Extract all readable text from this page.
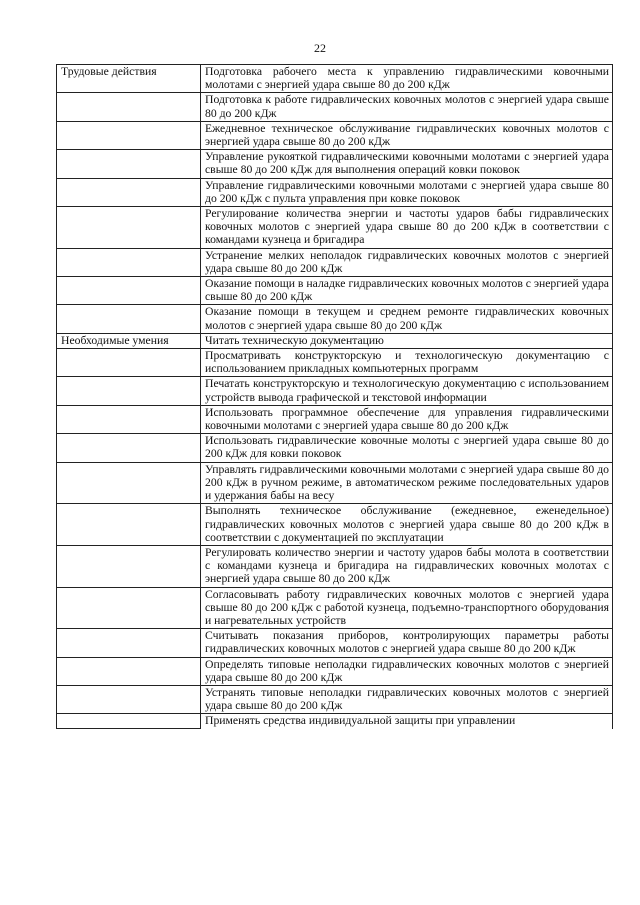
22
Трудовые действия	Подготовка рабочего места к управлению гидравлическими ковочными молотами с энергией удара свыше 80 до 200 кДж
	Подготовка к работе гидравлических ковочных молотов с энергией удара свыше 80 до 200 кДж
	Ежедневное техническое обслуживание гидравлических ковочных молотов с энергией удара свыше 80 до 200 кДж
	Управление рукояткой гидравлическими ковочными молотами с энергией удара свыше 80 до 200 кДж для выполнения операций ковки поковок
	Управление гидравлическими ковочными молотами с энергией удара свыше 80 до 200 кДж с пульта управления при ковке поковок
	Регулирование количества энергии и частоты ударов бабы гидравлических ковочных молотов с энергией удара свыше 80 до 200 кДж в соответствии с командами кузнеца и бригадира
	Устранение мелких неполадок гидравлических ковочных молотов с энергией удара свыше 80 до 200 кДж
	Оказание помощи в наладке гидравлических ковочных молотов с энергией удара свыше 80 до 200 кДж
	Оказание помощи в текущем и среднем ремонте гидравлических ковочных молотов с энергией удара свыше 80 до 200 кДж
Необходимые умения	Читать техническую документацию
	Просматривать конструкторскую и технологическую документацию с использованием прикладных компьютерных программ
	Печатать конструкторскую и технологическую документацию с использованием устройств вывода графической и текстовой информации
	Использовать программное обеспечение для управления гидравлическими ковочными молотами с энергией удара свыше 80 до 200 кДж
	Использовать гидравлические ковочные молоты с энергией удара свыше 80 до 200 кДж для ковки поковок
	Управлять гидравлическими ковочными молотами с энергией удара свыше 80 до 200 кДж в ручном режиме, в автоматическом режиме последовательных ударов и удержания бабы на весу
	Выполнять техническое обслуживание (ежедневное, еженедельное) гидравлических ковочных молотов с энергией удара свыше 80 до 200 кДж в соответствии с документацией по эксплуатации
	Регулировать количество энергии и частоту ударов бабы молота в соответствии с командами кузнеца и бригадира на гидравлических ковочных молотах с энергией удара свыше 80 до 200 кДж
	Согласовывать работу гидравлических ковочных молотов с энергией удара свыше 80 до 200 кДж с работой кузнеца, подъемно-транспортного оборудования и нагревательных устройств
	Считывать показания приборов, контролирующих параметры работы гидравлических ковочных молотов с энергией удара свыше 80 до 200 кДж
	Определять типовые неполадки гидравлических ковочных молотов с энергией удара свыше 80 до 200 кДж
	Устранять типовые неполадки гидравлических ковочных молотов с энергией удара свыше 80 до 200 кДж
	Применять средства индивидуальной защиты при управлении
